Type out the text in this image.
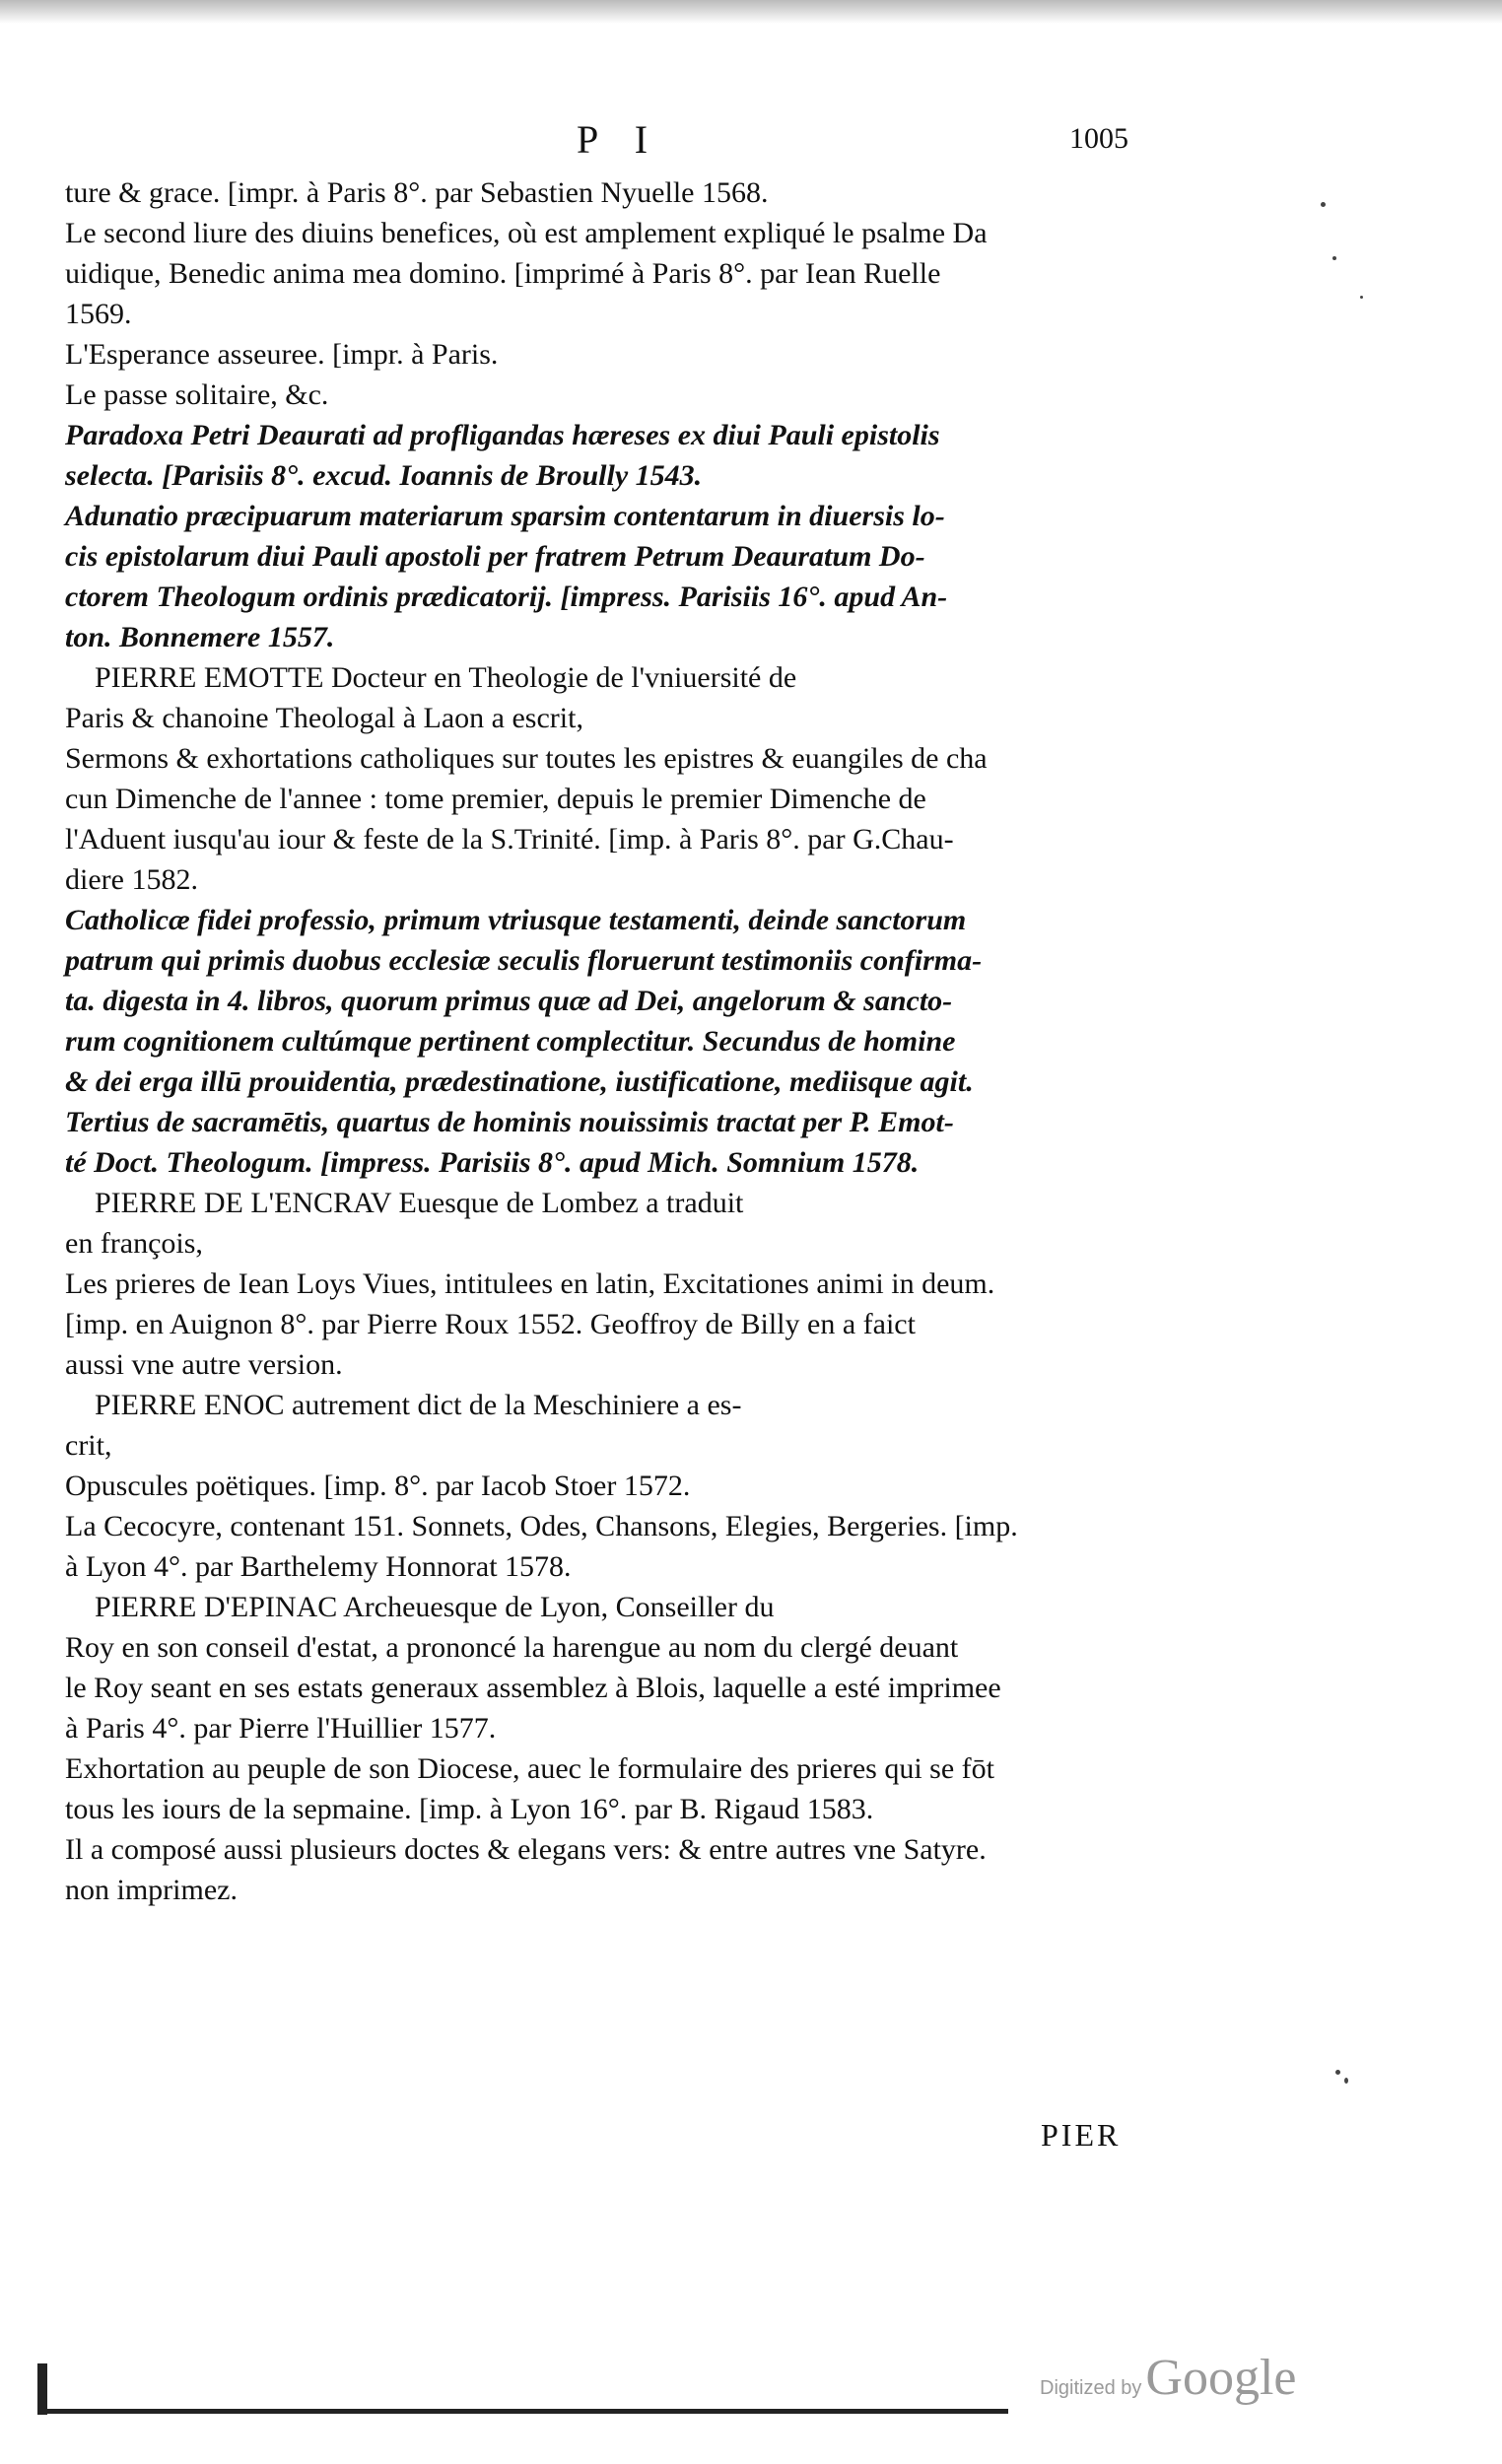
P I	1005
ture & grace. [impr. à Paris 8°. par Sebastien Nyuelle 1568.
Le second liure des diuins benefices, où est amplement expliqué le psalme Da
uidique, Benedic anima mea domino. [imprimé à Paris 8°. par Iean Ruelle
1569.
L'Esperance asseuree. [impr. à Paris.
Le passe solitaire, &c.
Paradoxa Petri Deaurati ad profligandas hæreses ex diui Pauli epistolis
selecta. [Parisiis 8°. excud. Ioannis de Broully 1543.
Adunatio præcipuarum materiarum sparsim contentarum in diuersis lo-
cis epistolarum diui Pauli apostoli per fratrem Petrum Deauratum Do-
ctorem Theologum ordinis prædicatorij. [impress. Parisiis 16°. apud An-
ton. Bonnemere 1557.
PIERRE EMOTTE Docteur en Theologie de l'vniuersité de
Paris & chanoine Theologal à Laon a escrit,
Sermons & exhortations catholiques sur toutes les epistres & euangiles de cha
cun Dimenche de l'annee : tome premier, depuis le premier Dimenche de
l'Aduent iusqu'au iour & feste de la S.Trinité. [imp. à Paris 8°. par G.Chau-
diere 1582.
Catholicæ fidei professio, primum vtriusque testamenti, deinde sanctorum
patrum qui primis duobus ecclesiæ seculis floruerunt testimoniis confirma-
ta. digesta in 4. libros, quorum primus quæ ad Dei, angelorum & sancto-
rum cognitionem cultúmque pertinent complectitur. Secundus de homine
& dei erga illū prouidentia, prædestinatione, iustificatione, mediisque agit.
Tertius de sacramētis, quartus de hominis nouissimis tractat per P. Emot-
té Doct. Theologum. [impress. Parisiis 8°. apud Mich. Somnium 1578.
PIERRE DE L'ENCRAV Euesque de Lombez a traduit
en françois,
Les prieres de Iean Loys Viues, intitulees en latin, Excitationes animi in deum.
[imp. en Auignon 8°. par Pierre Roux 1552. Geoffroy de Billy en a faict
aussi vne autre version.
PIERRE ENOC autrement dict de la Meschiniere a es-
crit,
Opuscules poëtiques. [imp. 8°. par Iacob Stoer 1572.
La Cecocyre, contenant 151. Sonnets, Odes, Chansons, Elegies, Bergeries. [imp.
à Lyon 4°. par Barthelemy Honnorat 1578.
PIERRE D'EPINAC Archeuesque de Lyon, Conseiller du
Roy en son conseil d'estat, a prononcé la harengue au nom du clergé deuant
le Roy seant en ses estats generaux assemblez à Blois, laquelle a esté imprimee
à Paris 4°. par Pierre l'Huillier 1577.
Exhortation au peuple de son Diocese, auec le formulaire des prieres qui se fōt
tous les iours de la sepmaine. [imp. à Lyon 16°. par B. Rigaud 1583.
Il a composé aussi plusieurs doctes & elegans vers: & entre autres vne Satyre.
non imprimez.
PIER
Digitized by Google
